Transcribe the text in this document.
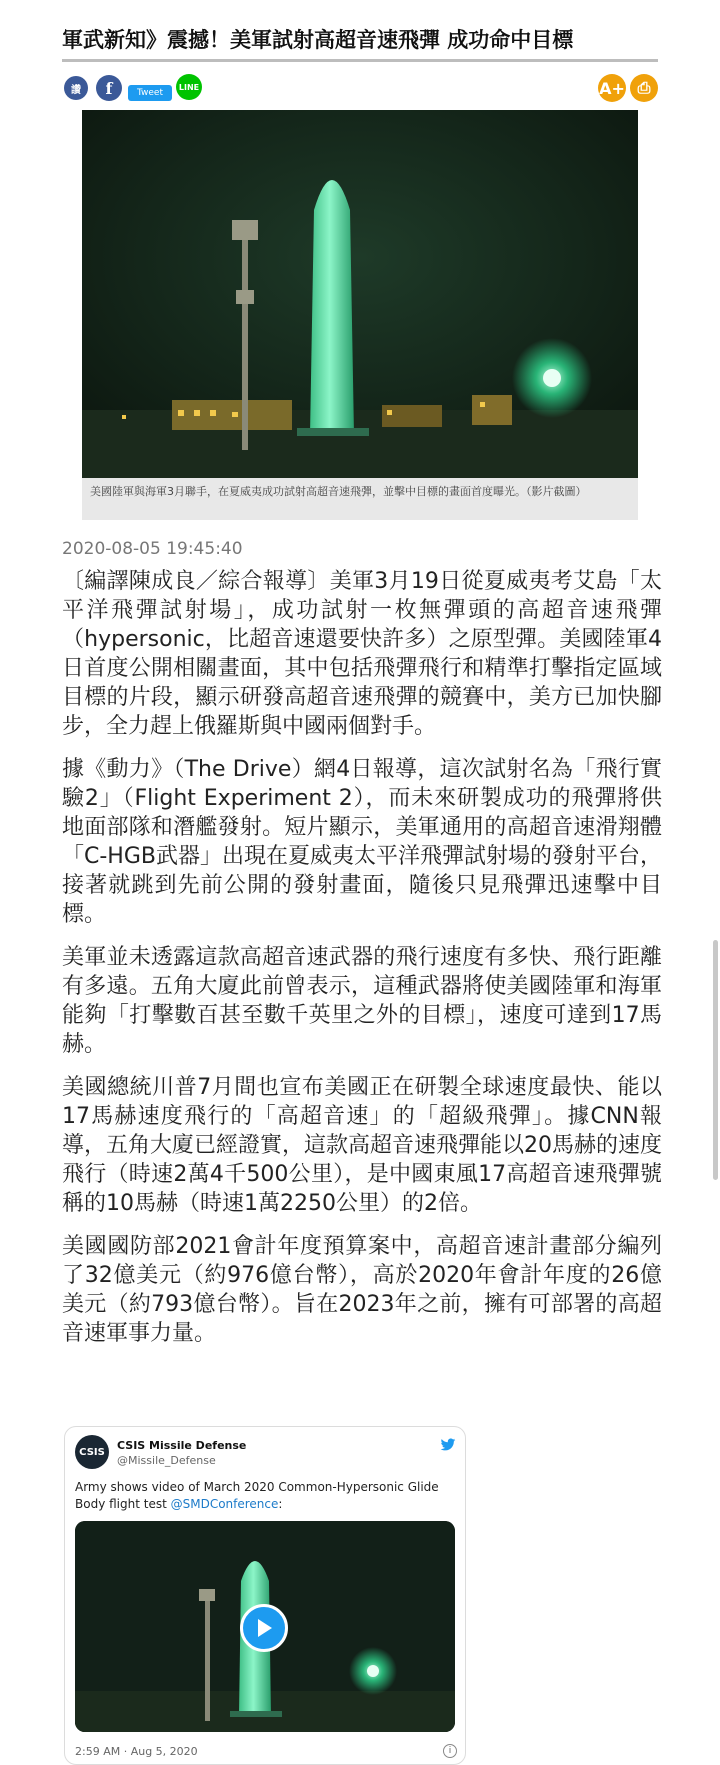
軍武新知》震撼！美軍試射高超音速飛彈 成功命中目標
讚 f	Tweet
LINE	A+ ⎙

美國陸軍與海軍3月聯手，在夏威夷成功試射高超音速飛彈，並擊中目標的畫面首度曝光。（影片截圖）

2020-08-05 19:45:40

〔編譯陳成良／綜合報導〕美軍3月19日從夏威夷考艾島「太平洋飛彈試射場」，成功試射一枚無彈頭的高超音速飛彈（hypersonic，比超音速還要快許多）之原型彈。美國陸軍4日首度公開相關畫面，其中包括飛彈飛行和精準打擊指定區域目標的片段，顯示研發高超音速飛彈的競賽中，美方已加快腳步，全力趕上俄羅斯與中國兩個對手。

據《動力》（The Drive）網4日報導，這次試射名為「飛行實驗2」（Flight Experiment 2），而未來研製成功的飛彈將供地面部隊和潛艦發射。短片顯示，美軍通用的高超音速滑翔體「C-HGB武器」出現在夏威夷太平洋飛彈試射場的發射平台，接著就跳到先前公開的發射畫面，隨後只見飛彈迅速擊中目標。

美軍並未透露這款高超音速武器的飛行速度有多快、飛行距離有多遠。五角大廈此前曾表示，這種武器將使美國陸軍和海軍能夠「打擊數百甚至數千英里之外的目標」，速度可達到17馬赫。

美國總統川普7月間也宣布美國正在研製全球速度最快、能以17馬赫速度飛行的「高超音速」的「超級飛彈」。據CNN報導，五角大廈已經證實，這款高超音速飛彈能以20馬赫的速度飛行（時速2萬4千500公里），是中國東風17高超音速飛彈號稱的10馬赫（時速1萬2250公里）的2倍。

美國國防部2021會計年度預算案中，高超音速計畫部分編列了32億美元（約976億台幣），高於2020年會計年度的26億美元（約793億台幣）。旨在2023年之前，擁有可部署的高超音速軍事力量。

CSIS CSIS Missile Defense
@Missile_Defense
Army shows video of March 2020 Common-Hypersonic Glide Body flight test @SMDConference:
2:59 AM · Aug 5, 2020	i
